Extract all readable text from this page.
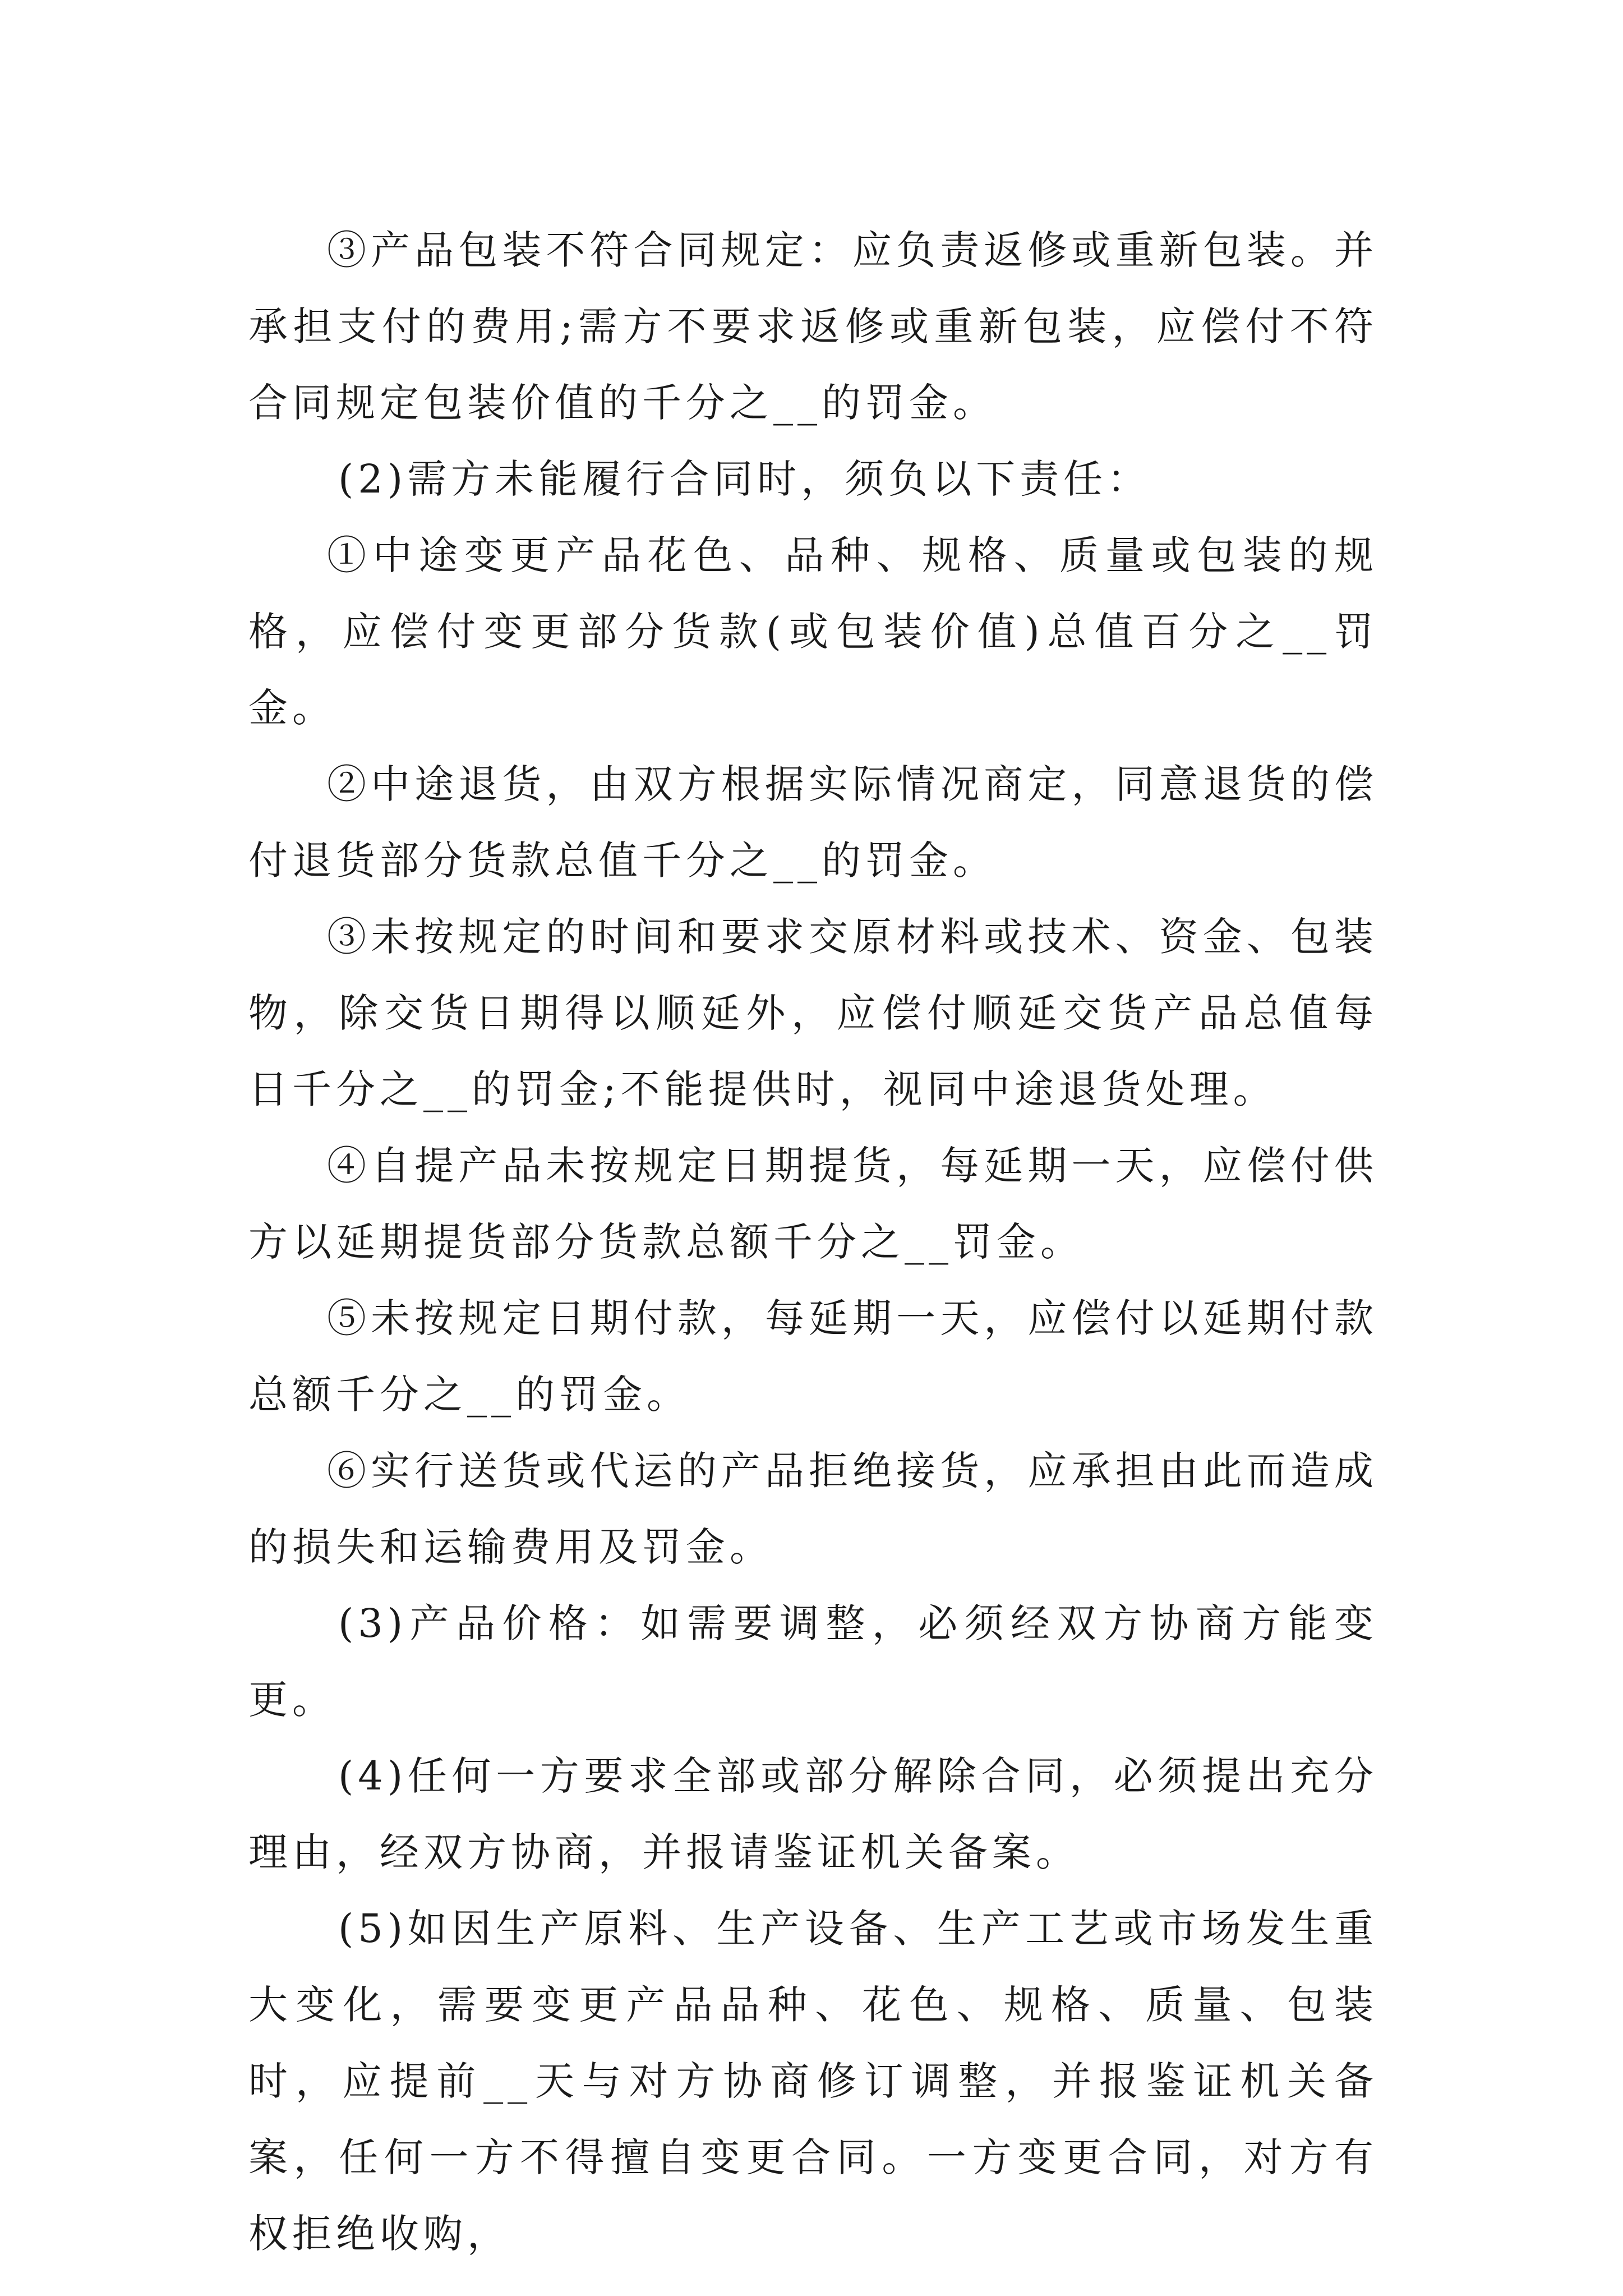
③产品包装不符合同规定：应负责返修或重新包装。并承担支付的费用;需方不要求返修或重新包装，应偿付不符合同规定包装价值的千分之__的罚金。

(2)需方未能履行合同时，须负以下责任：

①中途变更产品花色、品种、规格、质量或包装的规格，应偿付变更部分货款(或包装价值)总值百分之__罚金。

②中途退货，由双方根据实际情况商定，同意退货的偿付退货部分货款总值千分之__的罚金。

③未按规定的时间和要求交原材料或技术、资金、包装物，除交货日期得以顺延外，应偿付顺延交货产品总值每日千分之__的罚金;不能提供时，视同中途退货处理。

④自提产品未按规定日期提货，每延期一天，应偿付供方以延期提货部分货款总额千分之__罚金。

⑤未按规定日期付款，每延期一天，应偿付以延期付款总额千分之__的罚金。

⑥实行送货或代运的产品拒绝接货，应承担由此而造成的损失和运输费用及罚金。

(3)产品价格：如需要调整，必须经双方协商方能变更。

(4)任何一方要求全部或部分解除合同，必须提出充分理由，经双方协商，并报请鉴证机关备案。

(5)如因生产原料、生产设备、生产工艺或市场发生重大变化，需要变更产品品种、花色、规格、质量、包装时，应提前__天与对方协商修订调整，并报鉴证机关备案，任何一方不得擅自变更合同。一方变更合同，对方有权拒绝收购，
